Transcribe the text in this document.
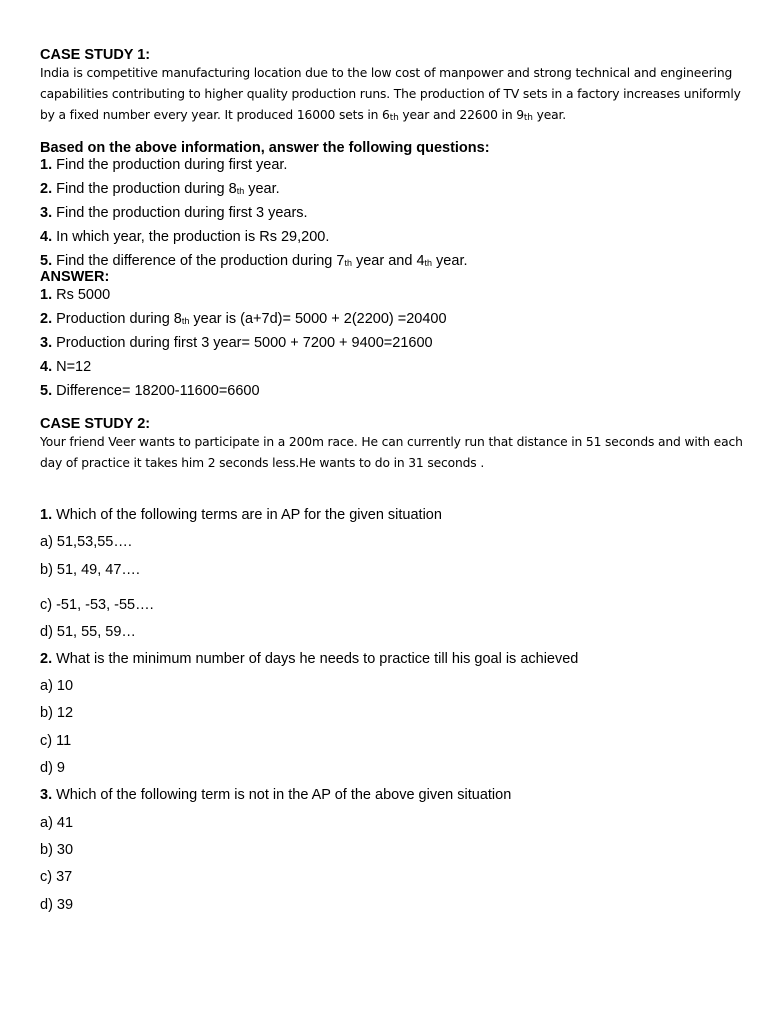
CASE STUDY 1:
India is competitive manufacturing location due to the low cost of manpower and strong technical and engineering
capabilities contributing to higher quality production runs. The production of TV sets in a factory increases uniformly
by a fixed number every year. It produced 16000 sets in 6th year and 22600 in 9th year.
Based on the above information, answer the following questions:
1. Find the production during first year.
2. Find the production during 8th year.
3. Find the production during first 3 years.
4. In which year, the production is Rs 29,200.
5. Find the difference of the production during 7th year and 4th year.
ANSWER:
1. Rs 5000
2. Production during 8th year is (a+7d)= 5000 + 2(2200) =20400
3. Production during first 3 year= 5000 + 7200 + 9400=21600
4. N=12
5. Difference= 18200-11600=6600
CASE STUDY 2:
Your friend Veer wants to participate in a 200m race. He can currently run that distance in 51 seconds and with each
day of practice it takes him 2 seconds less.He wants to do in 31 seconds .
1. Which of the following terms are in AP for the given situation
a) 51,53,55….
b) 51, 49, 47….
c) -51, -53, -55….
d) 51, 55, 59…
2. What is the minimum number of days he needs to practice till his goal is achieved
a) 10
b) 12
c) 11
d) 9
3. Which of the following term is not in the AP of the above given situation
a) 41
b) 30
c) 37
d) 39
